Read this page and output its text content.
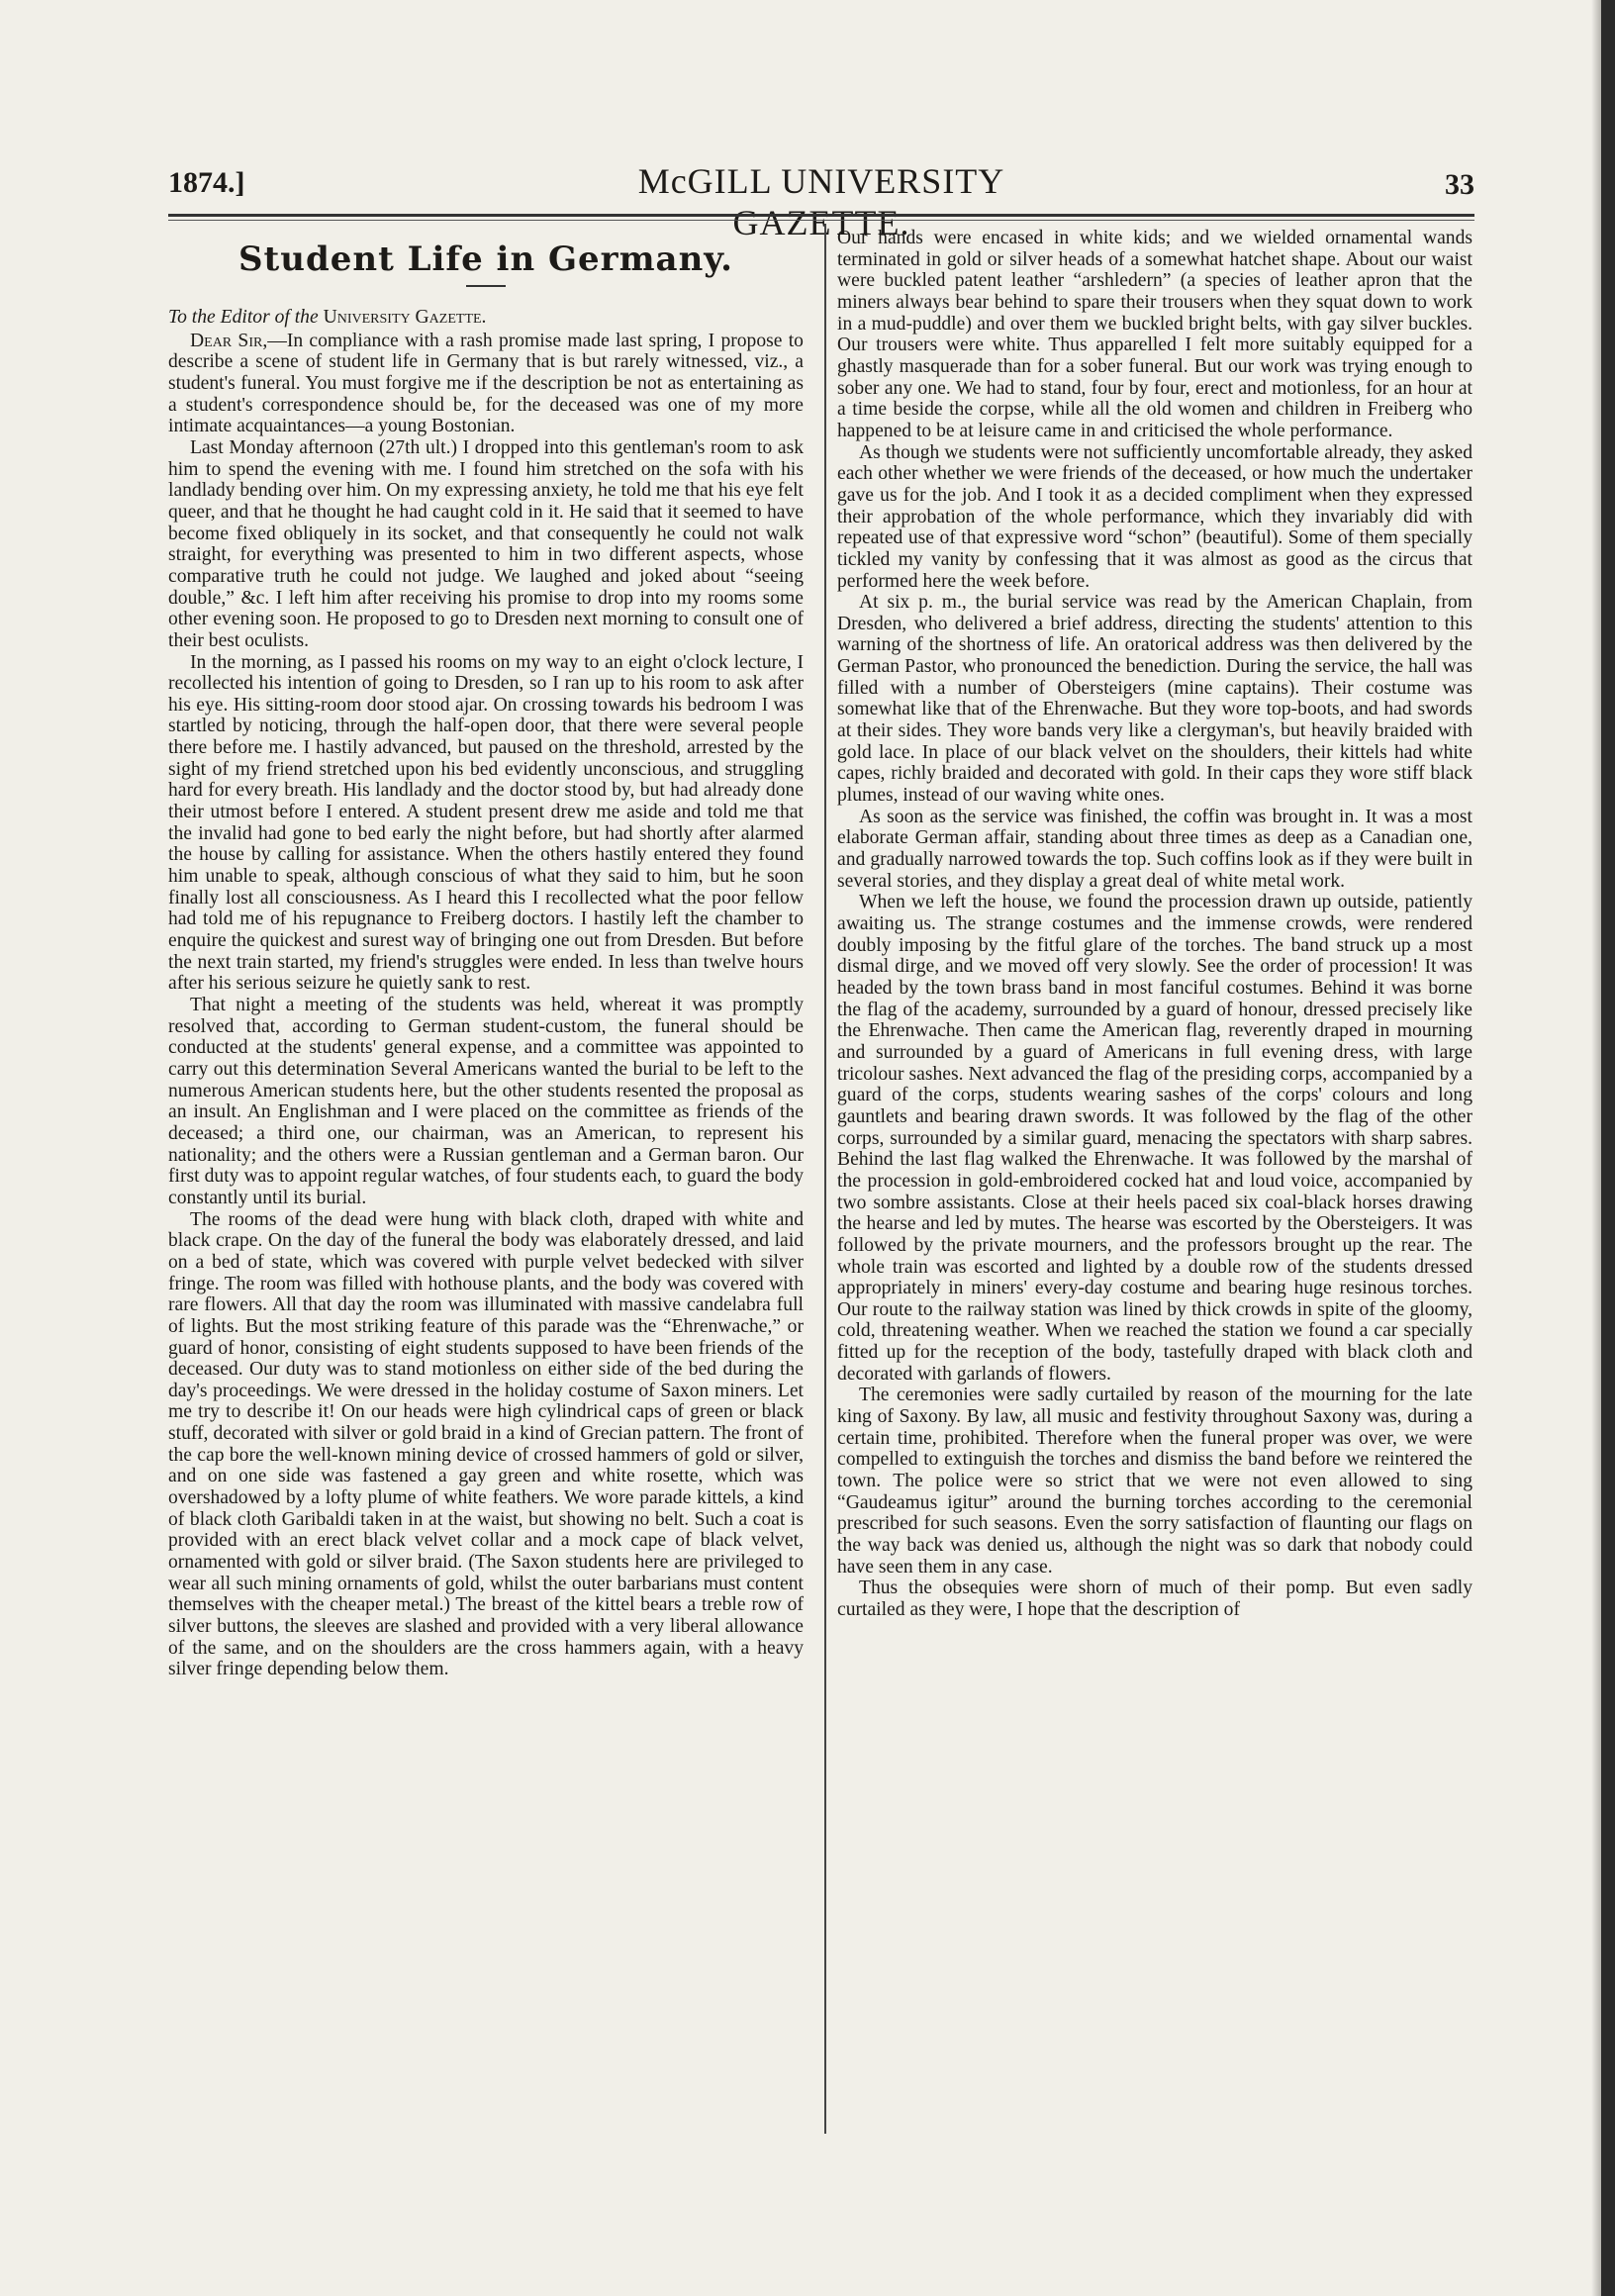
1874.]	McGILL UNIVERSITY GAZETTE.
33
Student Life in Germany.
To the Editor of the University Gazette.

Dear Sir,—In compliance with a rash promise made last spring, I propose to describe a scene of student life in Germany that is but rarely witnessed, viz., a student's funeral. You must forgive me if the description be not as entertaining as a student's correspondence should be, for the deceased was one of my more intimate acquaintances—a young Bostonian.

Last Monday afternoon (27th ult.) I dropped into this gentleman's room to ask him to spend the evening with me. I found him stretched on the sofa with his landlady bending over him. On my expressing anxiety, he told me that his eye felt queer, and that he thought he had caught cold in it. He said that it seemed to have become fixed obliquely in its socket, and that consequently he could not walk straight, for everything was presented to him in two different aspects, whose comparative truth he could not judge. We laughed and joked about “seeing double,” &c. I left him after receiving his promise to drop into my rooms some other evening soon. He proposed to go to Dresden next morning to consult one of their best oculists.

In the morning, as I passed his rooms on my way to an eight o'clock lecture, I recollected his intention of going to Dresden, so I ran up to his room to ask after his eye. His sitting-room door stood ajar. On crossing towards his bedroom I was startled by noticing, through the half-open door, that there were several people there before me. I hastily advanced, but paused on the threshold, arrested by the sight of my friend stretched upon his bed evidently unconscious, and struggling hard for every breath. His landlady and the doctor stood by, but had already done their utmost before I entered. A student present drew me aside and told me that the invalid had gone to bed early the night before, but had shortly after alarmed the house by calling for assistance. When the others hastily entered they found him unable to speak, although conscious of what they said to him, but he soon finally lost all consciousness. As I heard this I recollected what the poor fellow had told me of his repugnance to Freiberg doctors. I hastily left the chamber to enquire the quickest and surest way of bringing one out from Dresden. But before the next train started, my friend's struggles were ended. In less than twelve hours after his serious seizure he quietly sank to rest.

That night a meeting of the students was held, whereat it was promptly resolved that, according to German student-custom, the funeral should be conducted at the students' general expense, and a committee was appointed to carry out this determination Several Americans wanted the burial to be left to the numerous American students here, but the other students resented the proposal as an insult. An Englishman and I were placed on the committee as friends of the deceased; a third one, our chairman, was an American, to represent his nationality; and the others were a Russian gentleman and a German baron. Our first duty was to appoint regular watches, of four students each, to guard the body constantly until its burial.

The rooms of the dead were hung with black cloth, draped with white and black crape. On the day of the funeral the body was elaborately dressed, and laid on a bed of state, which was covered with purple velvet bedecked with silver fringe. The room was filled with hothouse plants, and the body was covered with rare flowers. All that day the room was illuminated with massive candelabra full of lights. But the most striking feature of this parade was the “Ehrenwache,” or guard of honor, consisting of eight students supposed to have been friends of the deceased. Our duty was to stand motionless on either side of the bed during the day's proceedings. We were dressed in the holiday costume of Saxon miners. Let me try to describe it! On our heads were high cylindrical caps of green or black stuff, decorated with silver or gold braid in a kind of Grecian pattern. The front of the cap bore the well-known mining device of crossed hammers of gold or silver, and on one side was fastened a gay green and white rosette, which was overshadowed by a lofty plume of white feathers. We wore parade kittels, a kind of black cloth Garibaldi taken in at the waist, but showing no belt. Such a coat is provided with an erect black velvet collar and a mock cape of black velvet, ornamented with gold or silver braid. (The Saxon students here are privileged to wear all such mining ornaments of gold, whilst the outer barbarians must content themselves with the cheaper metal.) The breast of the kittel bears a treble row of silver buttons, the sleeves are slashed and provided with a very liberal allowance of the same, and on the shoulders are the cross hammers again, with a heavy silver fringe depending below them.

Our hands were encased in white kids; and we wielded ornamental wands terminated in gold or silver heads of a somewhat hatchet shape. About our waist were buckled patent leather “arshledern” (a species of leather apron that the miners always bear behind to spare their trousers when they squat down to work in a mud-puddle) and over them we buckled bright belts, with gay silver buckles. Our trousers were white. Thus apparelled I felt more suitably equipped for a ghastly masquerade than for a sober funeral. But our work was trying enough to sober any one. We had to stand, four by four, erect and motionless, for an hour at a time beside the corpse, while all the old women and children in Freiberg who happened to be at leisure came in and criticised the whole performance.

As though we students were not sufficiently uncomfortable already, they asked each other whether we were friends of the deceased, or how much the undertaker gave us for the job. And I took it as a decided compliment when they expressed their approbation of the whole performance, which they invariably did with repeated use of that expressive word “schon” (beautiful). Some of them specially tickled my vanity by confessing that it was almost as good as the circus that performed here the week before.

At six p. m., the burial service was read by the American Chaplain, from Dresden, who delivered a brief address, directing the students' attention to this warning of the shortness of life. An oratorical address was then delivered by the German Pastor, who pronounced the benediction. During the service, the hall was filled with a number of Obersteigers (mine captains). Their costume was somewhat like that of the Ehrenwache. But they wore top-boots, and had swords at their sides. They wore bands very like a clergyman's, but heavily braided with gold lace. In place of our black velvet on the shoulders, their kittels had white capes, richly braided and decorated with gold. In their caps they wore stiff black plumes, instead of our waving white ones.

As soon as the service was finished, the coffin was brought in. It was a most elaborate German affair, standing about three times as deep as a Canadian one, and gradually narrowed towards the top. Such coffins look as if they were built in several stories, and they display a great deal of white metal work.

When we left the house, we found the procession drawn up outside, patiently awaiting us. The strange costumes and the immense crowds, were rendered doubly imposing by the fitful glare of the torches. The band struck up a most dismal dirge, and we moved off very slowly. See the order of procession! It was headed by the town brass band in most fanciful costumes. Behind it was borne the flag of the academy, surrounded by a guard of honour, dressed precisely like the Ehrenwache. Then came the American flag, reverently draped in mourning and surrounded by a guard of Americans in full evening dress, with large tricolour sashes. Next advanced the flag of the presiding corps, accompanied by a guard of the corps, students wearing sashes of the corps' colours and long gauntlets and bearing drawn swords. It was followed by the flag of the other corps, surrounded by a similar guard, menacing the spectators with sharp sabres. Behind the last flag walked the Ehrenwache. It was followed by the marshal of the procession in gold-embroidered cocked hat and loud voice, accompanied by two sombre assistants. Close at their heels paced six coal-black horses drawing the hearse and led by mutes. The hearse was escorted by the Obersteigers. It was followed by the private mourners, and the professors brought up the rear. The whole train was escorted and lighted by a double row of the students dressed appropriately in miners' every-day costume and bearing huge resinous torches. Our route to the railway station was lined by thick crowds in spite of the gloomy, cold, threatening weather. When we reached the station we found a car specially fitted up for the reception of the body, tastefully draped with black cloth and decorated with garlands of flowers.

The ceremonies were sadly curtailed by reason of the mourning for the late king of Saxony. By law, all music and festivity throughout Saxony was, during a certain time, prohibited. Therefore when the funeral proper was over, we were compelled to extinguish the torches and dismiss the band before we reintered the town. The police were so strict that we were not even allowed to sing “Gaudeamus igitur” around the burning torches according to the ceremonial prescribed for such seasons. Even the sorry satisfaction of flaunting our flags on the way back was denied us, although the night was so dark that nobody could have seen them in any case.

Thus the obsequies were shorn of much of their pomp. But even sadly curtailed as they were, I hope that the description of
